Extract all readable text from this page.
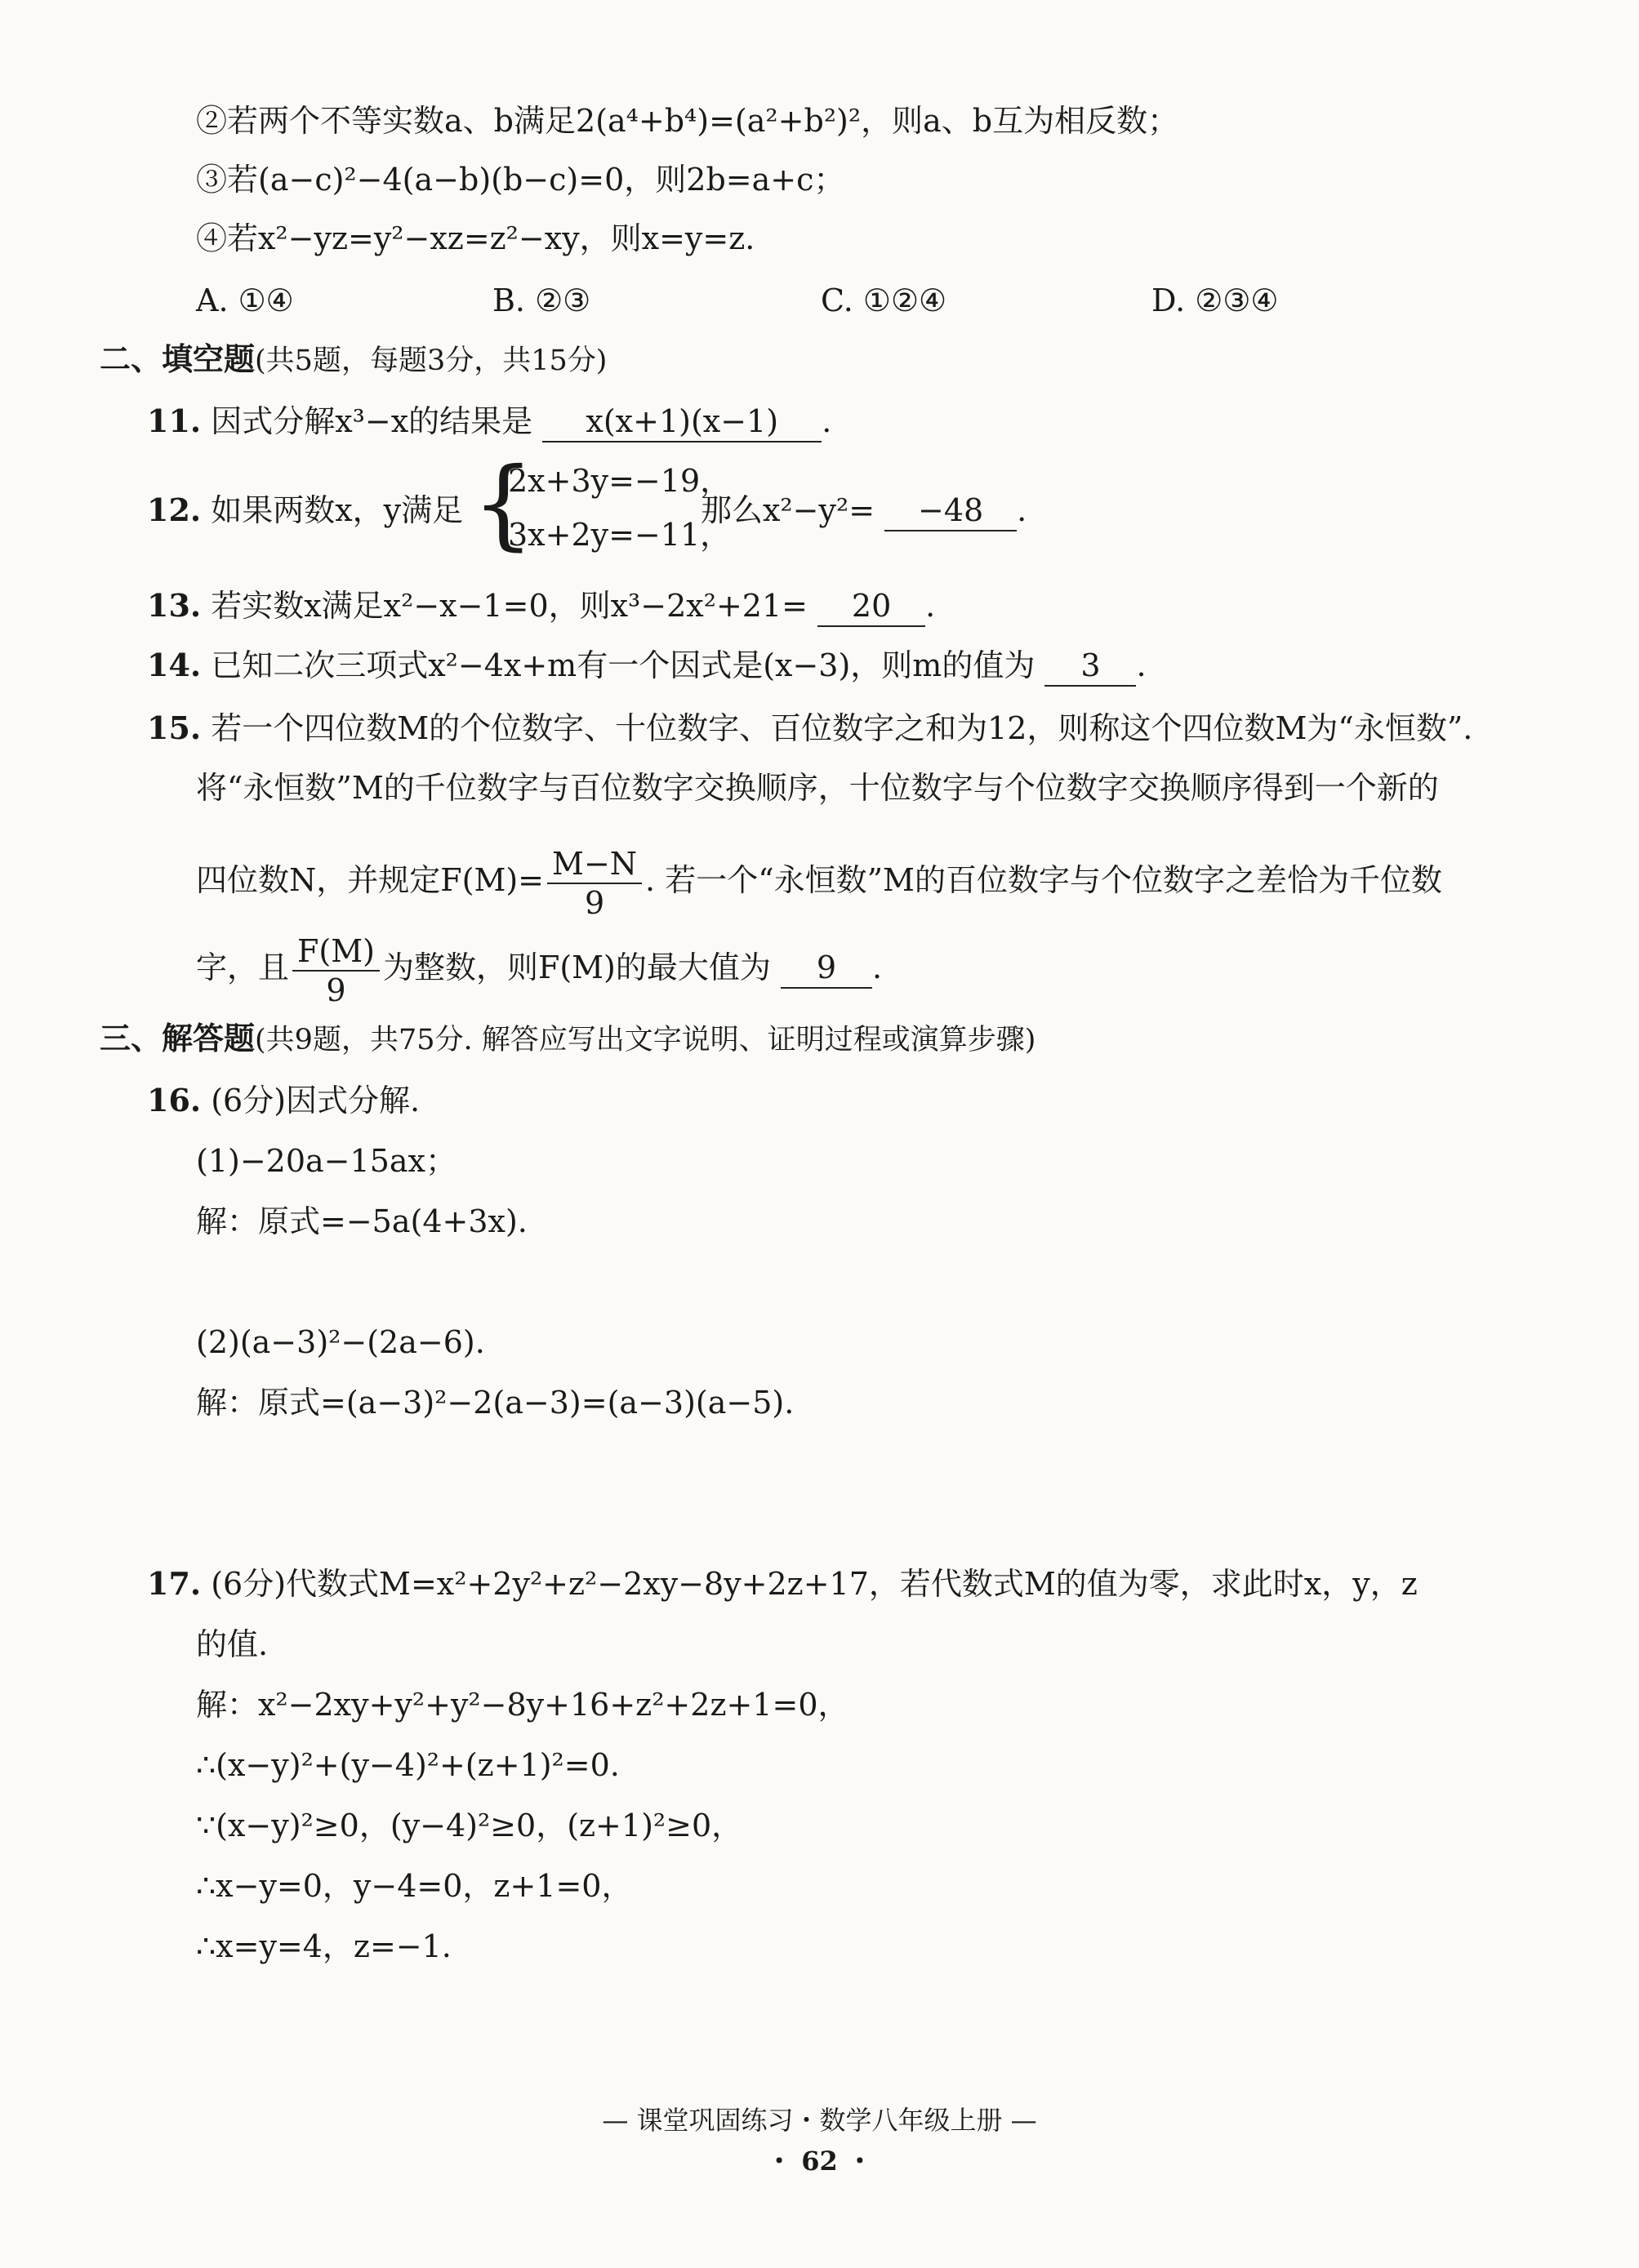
②若两个不等实数a、b满足2(a⁴+b⁴)=(a²+b²)²，则a、b互为相反数；
③若(a−c)²−4(a−b)(b−c)=0，则2b=a+c；
④若x²−yz=y²−xz=z²−xy，则x=y=z.
A. ①④	B. ②③	C. ①②④	D. ②③④
二、填空题(共5题，每题3分，共15分)
11. 因式分解x³−x的结果是 x(x+1)(x−1) .
12. 如果两数x，y满足 {
2x+3y=−19，
3x+2y=−11，
那么x²−y²= −48 .
13. 若实数x满足x²−x−1=0，则x³−2x²+21= 20 .
14. 已知二次三项式x²−4x+m有一个因式是(x−3)，则m的值为 3 .
15. 若一个四位数M的个位数字、十位数字、百位数字之和为12，则称这个四位数M为“永恒数”.
将“永恒数”M的千位数字与百位数字交换顺序，十位数字与个位数字交换顺序得到一个新的
四位数N，并规定$F(M)= \frac{M-N}{9}$ . 若一个“永恒数”M的百位数字与个位数字之差恰为千位数
字，且 $\frac{F(M)}{9}$ 为整数，则F(M)的最大值为 9 .
三、解答题(共9题，共75分. 解答应写出文字说明、证明过程或演算步骤)
16. (6分)因式分解.
(1)−20a−15ax；
解：原式=−5a(4+3x).
(2)(a−3)²−(2a−6).
解：原式=(a−3)²−2(a−3)=(a−3)(a−5).
17. (6分)代数式M=x²+2y²+z²−2xy−8y+2z+17，若代数式M的值为零，求此时x，y，z
的值.
解：x²−2xy+y²+y²−8y+16+z²+2z+1=0，
∴(x−y)²+(y−4)²+(z+1)²=0.
∵(x−y)²≥0，(y−4)²≥0，(z+1)²≥0，
∴x−y=0，y−4=0，z+1=0，
∴x=y=4，z=−1.
— 课堂巩固练习・数学八年级上册 —
・ 62 ・
